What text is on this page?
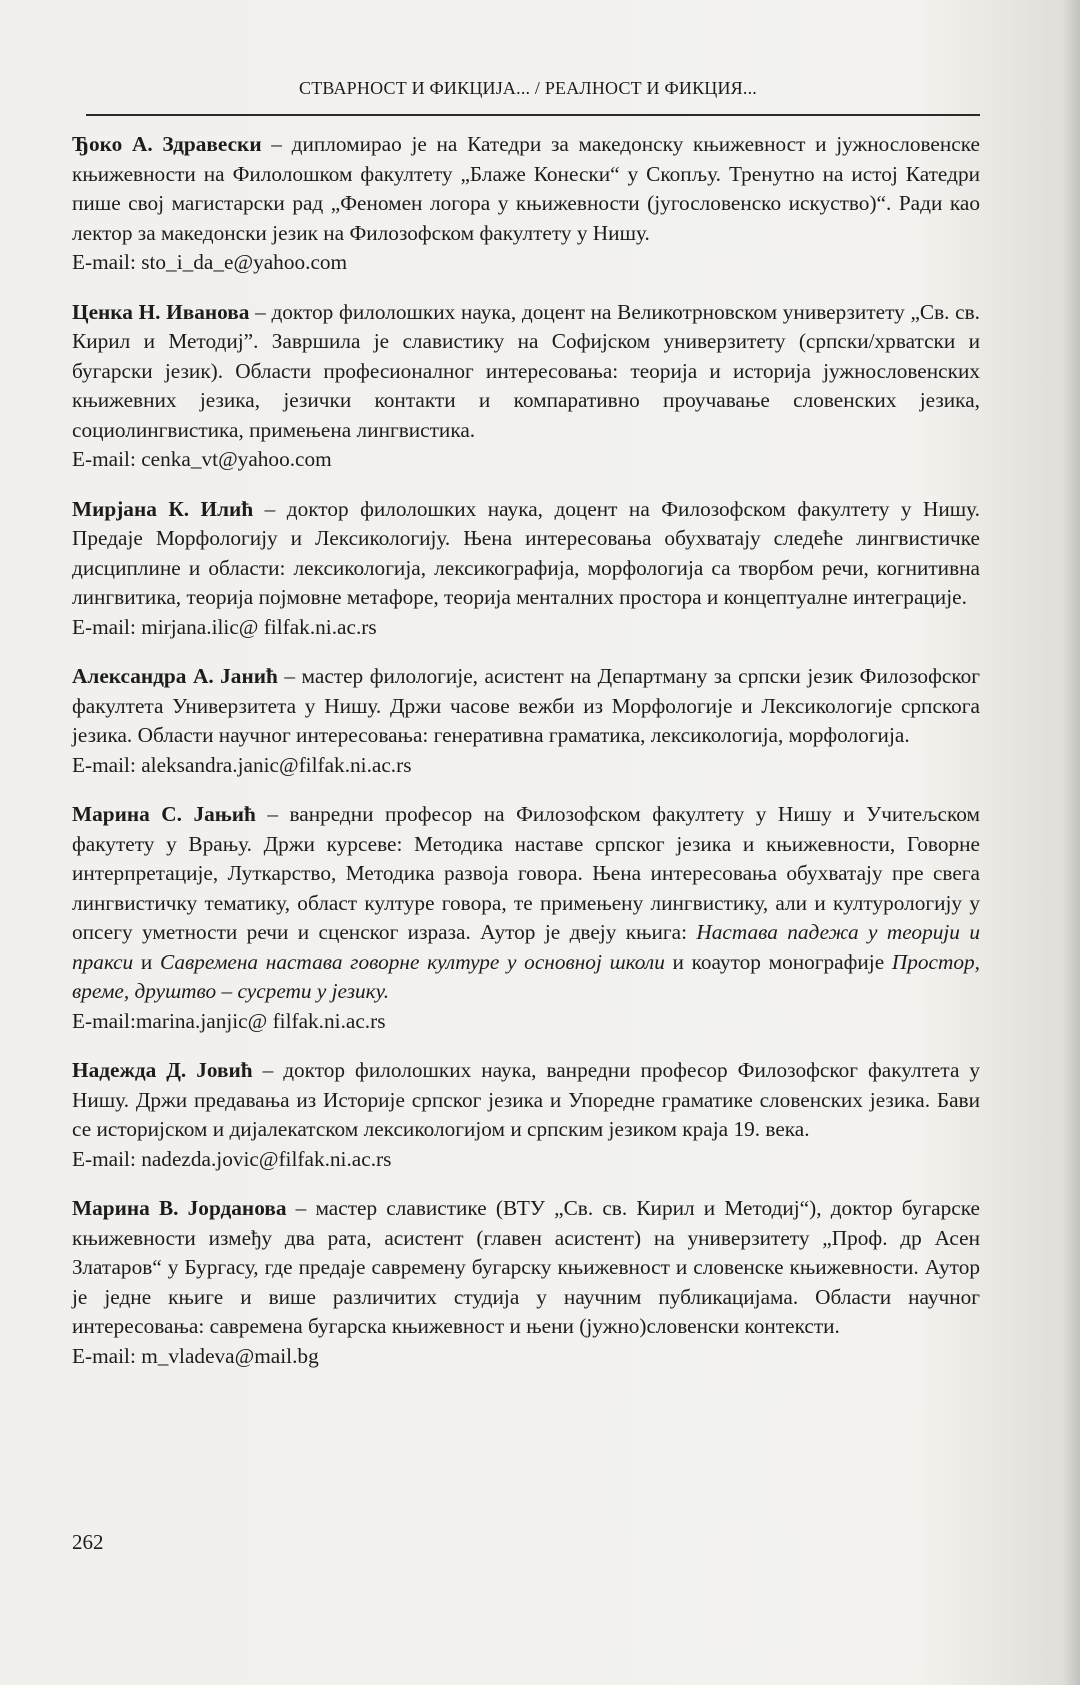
СТВАРНОСТ И ФИКЦИЈА... / РЕАЛНОСТ И ФИКЦИЯ...

Ђоко А. Здравески – дипломирао је на Катедри за македонску књижевност и јужнословенске књижевности на Филолошком факултету „Блаже Конески“ у Скопљу. Тренутно на истој Катедри пише свој магистарски рад „Феномен логора у књижевности (југословенско искуство)“. Ради као лектор за македонски језик на Филозофском факултету у Нишу.

E-mail: sto_i_da_e@yahoo.com

Ценка Н. Иванова – доктор филолошких наука, доцент на Великотрновском универзитету „Св. св. Кирил и Методиј”. Завршила је славистику на Софијском универзитету (српски/хрватски и бугарски језик). Области професионалног интересовања: теорија и историја јужнословенских књижевних језика, језички контакти и компаративно проучавање словенских језика, социолингвистика, примењена лингвистика.

E-mail: cenka_vt@yahoo.com

Мирјана К. Илић – доктор филолошких наука, доцент на Филозофском факултету у Нишу. Предаје Морфологију и Лексикологију. Њена интересовања обухватају следеће лингвистичке дисциплине и области: лексикологија, лексикографија, морфологија са творбом речи, когнитивна лингвитика, теорија појмовне метафоре, теорија менталних простора и концептуалне интеграције.

E-mail: mirjana.ilic@ filfak.ni.ac.rs

Александра А. Јанић – мастер филологије, асистент на Департману за српски језик Филозофског факултета Универзитета у Нишу. Држи часове вежби из Морфологије и Лексикологије српскога језика. Области научног интересовања: генеративна граматика, лексикологија, морфологија.

E-mail: aleksandra.janic@filfak.ni.ac.rs

Марина С. Јањић – ванредни професор на Филозофском факултету у Нишу и Учитељском факутету у Врању. Држи курсеве: Методика наставе српског језика и књижевности, Говорне интерпретације, Луткарство, Методика развоја говора. Њена интересовања обухватају пре свега лингвистичку тематику, област културе говора, те примењену лингвистику, али и културологију у опсегу уметности речи и сценског израза. Аутор је двеју књига: Настава падежа у теорији и пракси и Савремена настава говорне културе у основној школи и коаутор монографије Простор, време, друштво – сусрети у језику.

E-mail:marina.janjic@ filfak.ni.ac.rs

Надежда Д. Јовић – доктор филолошких наука, ванредни професор Филозофског факултета у Нишу. Држи предавања из Историје српског језика и Упоредне граматике словенских језика. Бави се историјском и дијалекатском лексикологијом и српским језиком краја 19. века.

E-mail: nadezda.jovic@filfak.ni.ac.rs

Марина В. Јорданова – мастер славистике (ВТУ „Св. св. Кирил и Методиј“), доктор бугарске књижевности између два рата, асистент (главен асистент) на универзитету „Проф. др Асен Златаров“ у Бургасу, где предаје савремену бугарску књижевност и словенске књижевности. Аутор је једне књиге и више различитих студија у научним публикацијама. Области научног интересовања: савремена бугарска књижевност и њени (јужно)словенски контексти.

E-mail: m_vladeva@mail.bg
262
